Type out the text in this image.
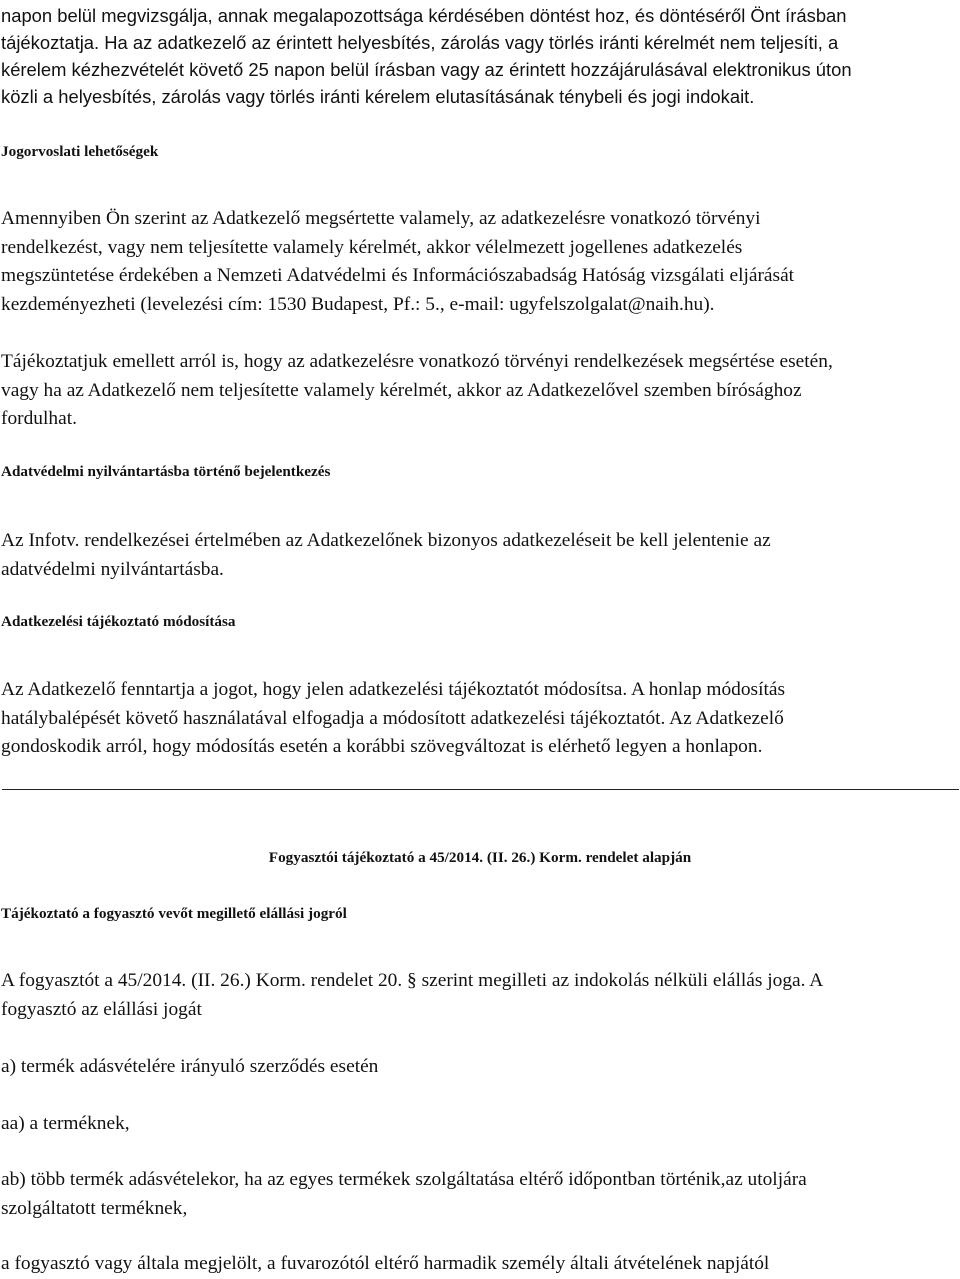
napon belül megvizsgálja, annak megalapozottsága kérdésében döntést hoz, és döntéséről Önt írásban
tájékoztatja. Ha az adatkezelő az érintett helyesbítés, zárolás vagy törlés iránti kérelmét nem teljesíti, a
kérelem kézhezvételét követő 25 napon belül írásban vagy az érintett hozzájárulásával elektronikus úton
közli a helyesbítés, zárolás vagy törlés iránti kérelem elutasításának ténybeli és jogi indokait.

Jogorvoslati lehetőségek

Amennyiben Ön szerint az Adatkezelő megsértette valamely, az adatkezelésre vonatkozó törvényi
rendelkezést, vagy nem teljesítette valamely kérelmét, akkor vélelmezett jogellenes adatkezelés
megszüntetése érdekében a Nemzeti Adatvédelmi és Információszabadság Hatóság vizsgálati eljárását
kezdeményezheti (levelezési cím: 1530 Budapest, Pf.: 5., e-mail: ugyfelszolgalat@naih.hu).

Tájékoztatjuk emellett arról is, hogy az adatkezelésre vonatkozó törvényi rendelkezések megsértése esetén,
vagy ha az Adatkezelő nem teljesítette valamely kérelmét, akkor az Adatkezelővel szemben bírósághoz
fordulhat.

Adatvédelmi nyilvántartásba történő bejelentkezés

Az Infotv. rendelkezései értelmében az Adatkezelőnek bizonyos adatkezeléseit be kell jelentenie az
adatvédelmi nyilvántartásba.

Adatkezelési tájékoztató módosítása

Az Adatkezelő fenntartja a jogot, hogy jelen adatkezelési tájékoztatót módosítsa. A honlap módosítás
hatálybalépését követő használatával elfogadja a módosított adatkezelési tájékoztatót. Az Adatkezelő
gondoskodik arról, hogy módosítás esetén a korábbi szövegváltozat is elérhető legyen a honlapon.

Fogyasztói tájékoztató a 45/2014. (II. 26.) Korm. rendelet alapján
Tájékoztató a fogyasztó vevőt megillető elállási jogról

A fogyasztót a 45/2014. (II. 26.) Korm. rendelet 20. § szerint megilleti az indokolás nélküli elállás joga. A
fogyasztó az elállási jogát

a) termék adásvételére irányuló szerződés esetén

aa) a terméknek,

ab) több termék adásvételekor, ha az egyes termékek szolgáltatása eltérő időpontban történik,az utoljára
szolgáltatott terméknek,

a fogyasztó vagy általa megjelölt, a fuvarozótól eltérő harmadik személy általi átvételének napjától
